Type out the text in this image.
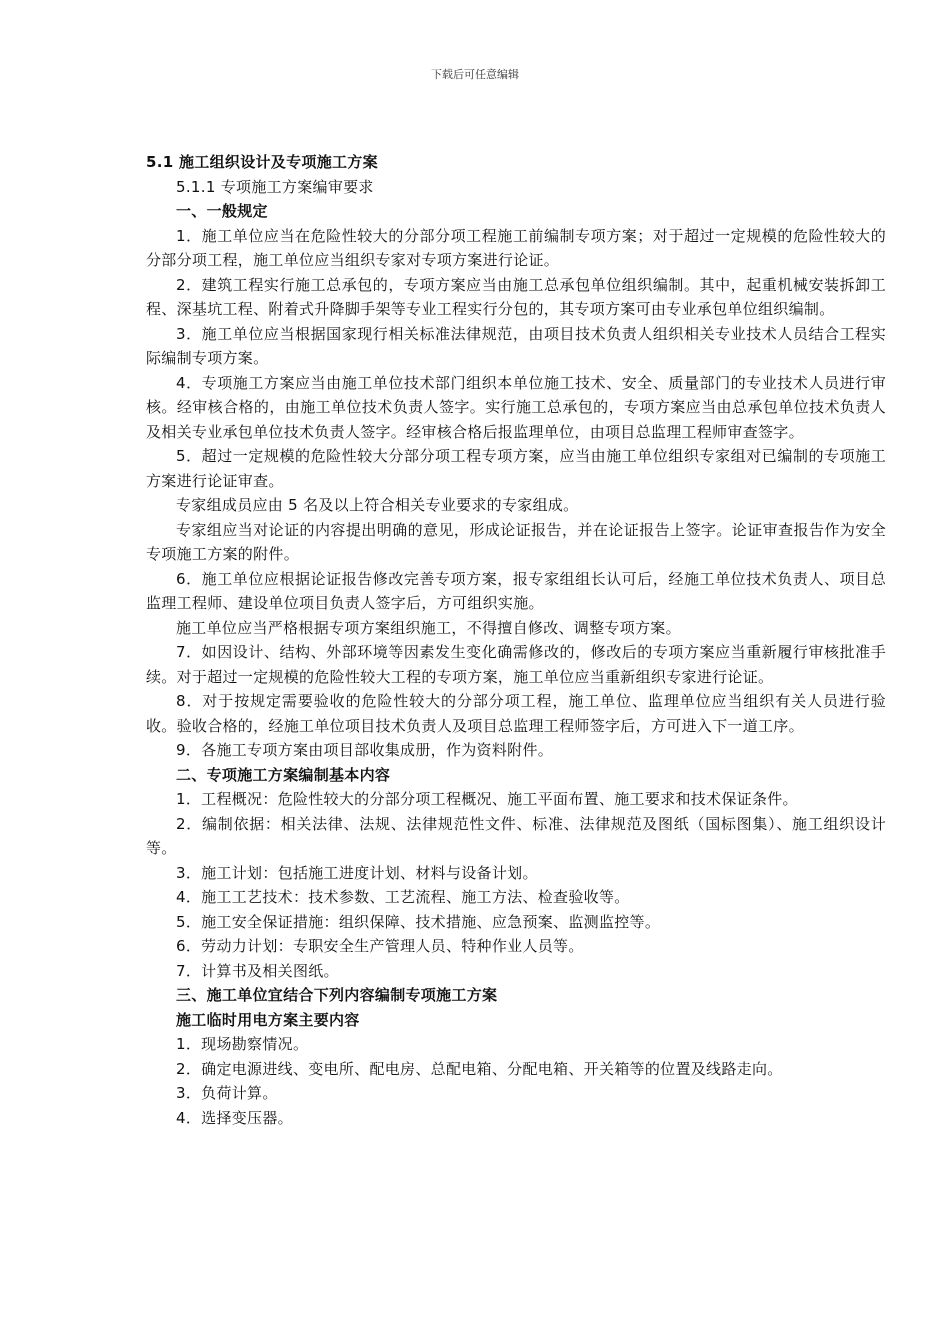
下载后可任意编辑

5.1 施工组织设计及专项施工方案

5.1.1 专项施工方案编审要求

一、一般规定

1．施工单位应当在危险性较大的分部分项工程施工前编制专项方案；对于超过一定规模的危险性较大的分部分项工程，施工单位应当组织专家对专项方案进行论证。

2．建筑工程实行施工总承包的，专项方案应当由施工总承包单位组织编制。其中，起重机械安装拆卸工程、深基坑工程、附着式升降脚手架等专业工程实行分包的，其专项方案可由专业承包单位组织编制。

3．施工单位应当根据国家现行相关标准法律规范，由项目技术负责人组织相关专业技术人员结合工程实际编制专项方案。

4．专项施工方案应当由施工单位技术部门组织本单位施工技术、安全、质量部门的专业技术人员进行审核。经审核合格的，由施工单位技术负责人签字。实行施工总承包的，专项方案应当由总承包单位技术负责人及相关专业承包单位技术负责人签字。经审核合格后报监理单位，由项目总监理工程师审查签字。

5．超过一定规模的危险性较大分部分项工程专项方案，应当由施工单位组织专家组对已编制的专项施工方案进行论证审查。

专家组成员应由 5 名及以上符合相关专业要求的专家组成。

专家组应当对论证的内容提出明确的意见，形成论证报告，并在论证报告上签字。论证审查报告作为安全专项施工方案的附件。

6．施工单位应根据论证报告修改完善专项方案，报专家组组长认可后，经施工单位技术负责人、项目总监理工程师、建设单位项目负责人签字后，方可组织实施。

施工单位应当严格根据专项方案组织施工，不得擅自修改、调整专项方案。

7．如因设计、结构、外部环境等因素发生变化确需修改的，修改后的专项方案应当重新履行审核批准手续。对于超过一定规模的危险性较大工程的专项方案，施工单位应当重新组织专家进行论证。

8．对于按规定需要验收的危险性较大的分部分项工程，施工单位、监理单位应当组织有关人员进行验收。验收合格的，经施工单位项目技术负责人及项目总监理工程师签字后，方可进入下一道工序。

9．各施工专项方案由项目部收集成册，作为资料附件。

二、专项施工方案编制基本内容

1．工程概况：危险性较大的分部分项工程概况、施工平面布置、施工要求和技术保证条件。

2．编制依据：相关法律、法规、法律规范性文件、标准、法律规范及图纸（国标图集）、施工组织设计等。

3．施工计划：包括施工进度计划、材料与设备计划。

4．施工工艺技术：技术参数、工艺流程、施工方法、检查验收等。

5．施工安全保证措施：组织保障、技术措施、应急预案、监测监控等。

6．劳动力计划：专职安全生产管理人员、特种作业人员等。

7．计算书及相关图纸。

三、施工单位宜结合下列内容编制专项施工方案

施工临时用电方案主要内容

1．现场勘察情况。

2．确定电源进线、变电所、配电房、总配电箱、分配电箱、开关箱等的位置及线路走向。

3．负荷计算。

4．选择变压器。
